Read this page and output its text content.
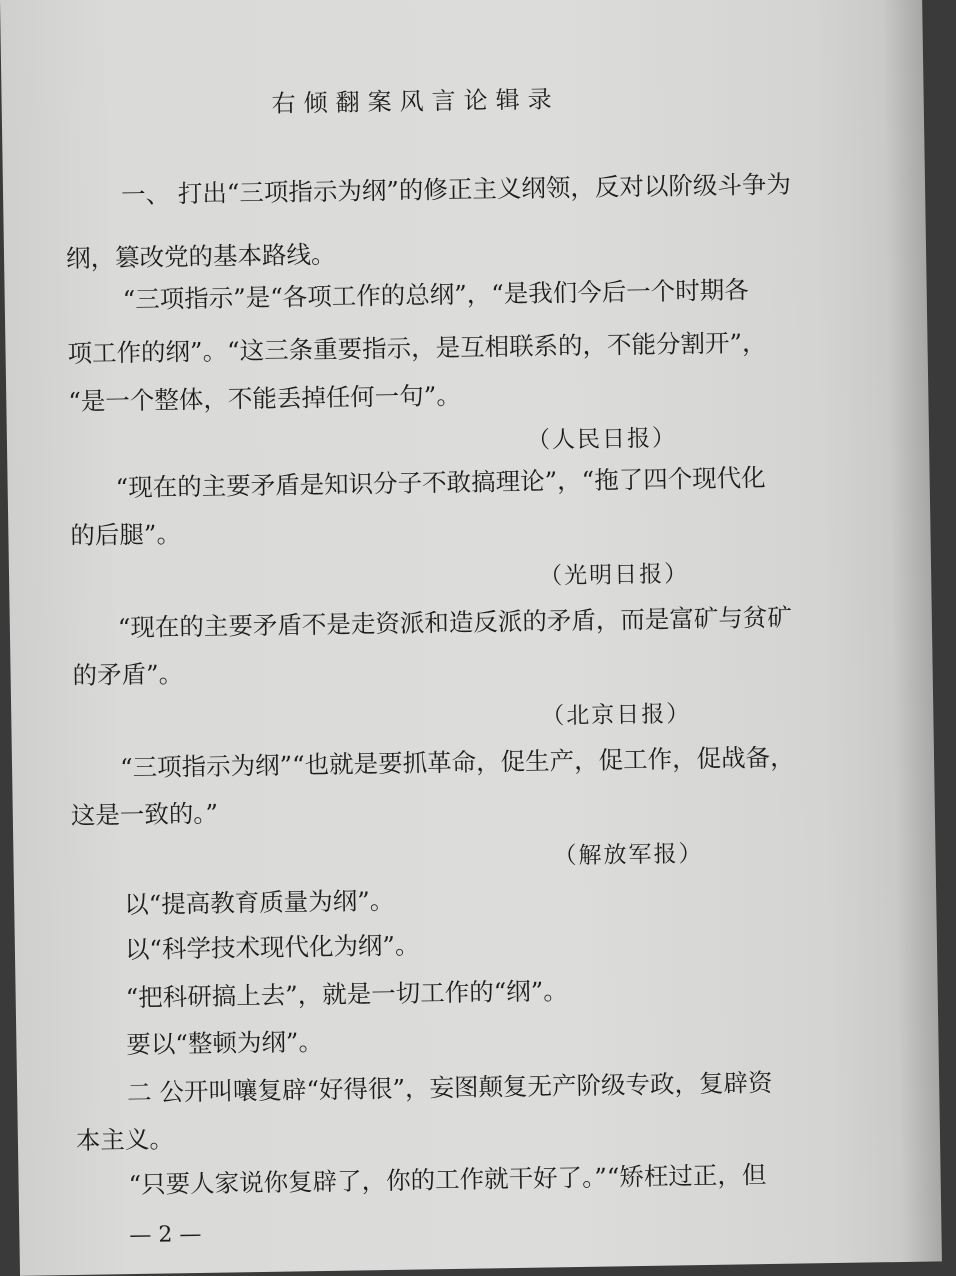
右倾翻案风言论辑录
一、 打出“三项指示为纲”的修正主义纲领，反对以阶级斗争为
纲，篡改党的基本路线。
“三项指示”是“各项工作的总纲”，“是我们今后一个时期各
项工作的纲”。“这三条重要指示，是互相联系的，不能分割开”，
“是一个整体，不能丢掉任何一句”。
（人民日报）
“现在的主要矛盾是知识分子不敢搞理论”，“拖了四个现代化
的后腿”。
（光明日报）
“现在的主要矛盾不是走资派和造反派的矛盾，而是富矿与贫矿
的矛盾”。
（北京日报）
“三项指示为纲”“也就是要抓革命，促生产，促工作，促战备，
这是一致的。”
（解放军报）
以“提高教育质量为纲”。
以“科学技术现代化为纲”。
“把科研搞上去”，就是一切工作的“纲”。
要以“整顿为纲”。
二 公开叫嚷复辟“好得很”，妄图颠复无产阶级专政，复辟资
本主义。
“只要人家说你复辟了，你的工作就干好了。”“矫枉过正，但
— 2 —
